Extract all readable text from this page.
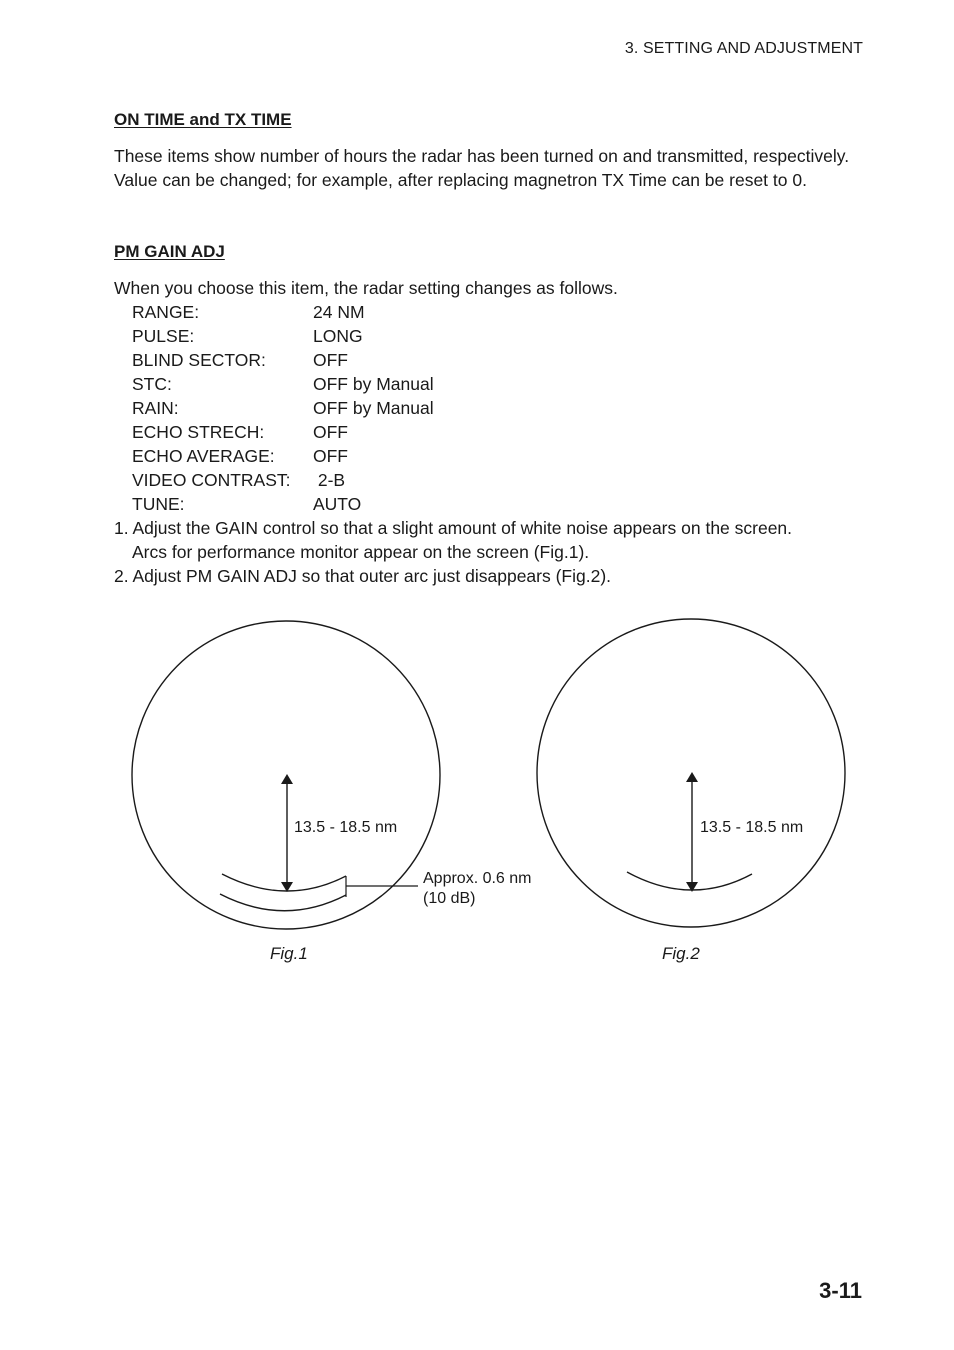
3. SETTING AND ADJUSTMENT
ON TIME and TX TIME
These items show number of hours the radar has been turned on and transmitted, respectively. Value can be changed; for example, after replacing magnetron TX Time can be reset to 0.
PM GAIN ADJ
When you choose this item, the radar setting changes as follows.
RANGE:	24 NM
PULSE:	LONG
BLIND SECTOR:	OFF
STC:	OFF by Manual
RAIN:	OFF by Manual
ECHO STRECH:	OFF
ECHO AVERAGE:	OFF
VIDEO CONTRAST:	2-B
TUNE:	AUTO
1. Adjust the GAIN control so that a slight amount of white noise appears on the screen.
Arcs for performance monitor appear on the screen (Fig.1).
2. Adjust PM GAIN ADJ so that outer arc just disappears (Fig.2).
13.5 - 18.5 nm
Approx. 0.6 nm
(10 dB)
Fig.1
13.5 - 18.5 nm
Fig.2
3-11
